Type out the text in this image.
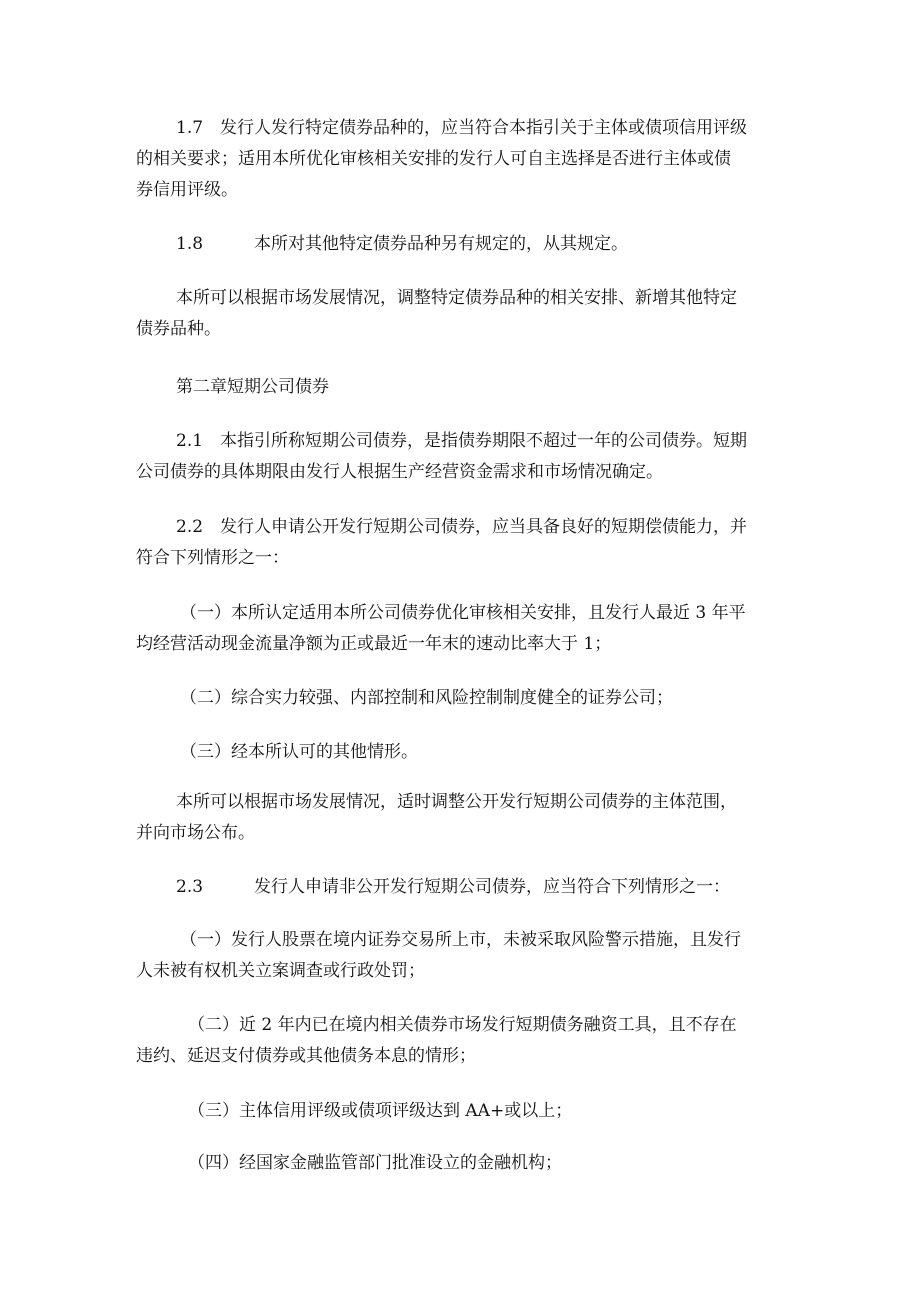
1.7　发行人发行特定债券品种的，应当符合本指引关于主体或债项信用评级
的相关要求；适用本所优化审核相关安排的发行人可自主选择是否进行主体或债
券信用评级。
1.8　　　本所对其他特定债券品种另有规定的，从其规定。
本所可以根据市场发展情况，调整特定债券品种的相关安排、新增其他特定
债券品种。
第二章短期公司债券
2.1　本指引所称短期公司债券，是指债券期限不超过一年的公司债券。短期
公司债券的具体期限由发行人根据生产经营资金需求和市场情况确定。
2.2　发行人申请公开发行短期公司债券，应当具备良好的短期偿债能力，并
符合下列情形之一：
（一）本所认定适用本所公司债券优化审核相关安排，且发行人最近 3 年平
均经营活动现金流量净额为正或最近一年末的速动比率大于 1；
（二）综合实力较强、内部控制和风险控制制度健全的证券公司；
（三）经本所认可的其他情形。
本所可以根据市场发展情况，适时调整公开发行短期公司债券的主体范围，
并向市场公布。
2.3　　　发行人申请非公开发行短期公司债券，应当符合下列情形之一：
（一）发行人股票在境内证券交易所上市，未被采取风险警示措施，且发行
人未被有权机关立案调查或行政处罚；
（二）近 2 年内已在境内相关债券市场发行短期债务融资工具，且不存在
违约、延迟支付债券或其他债务本息的情形；
（三）主体信用评级或债项评级达到 AA+或以上；
（四）经国家金融监管部门批准设立的金融机构；
